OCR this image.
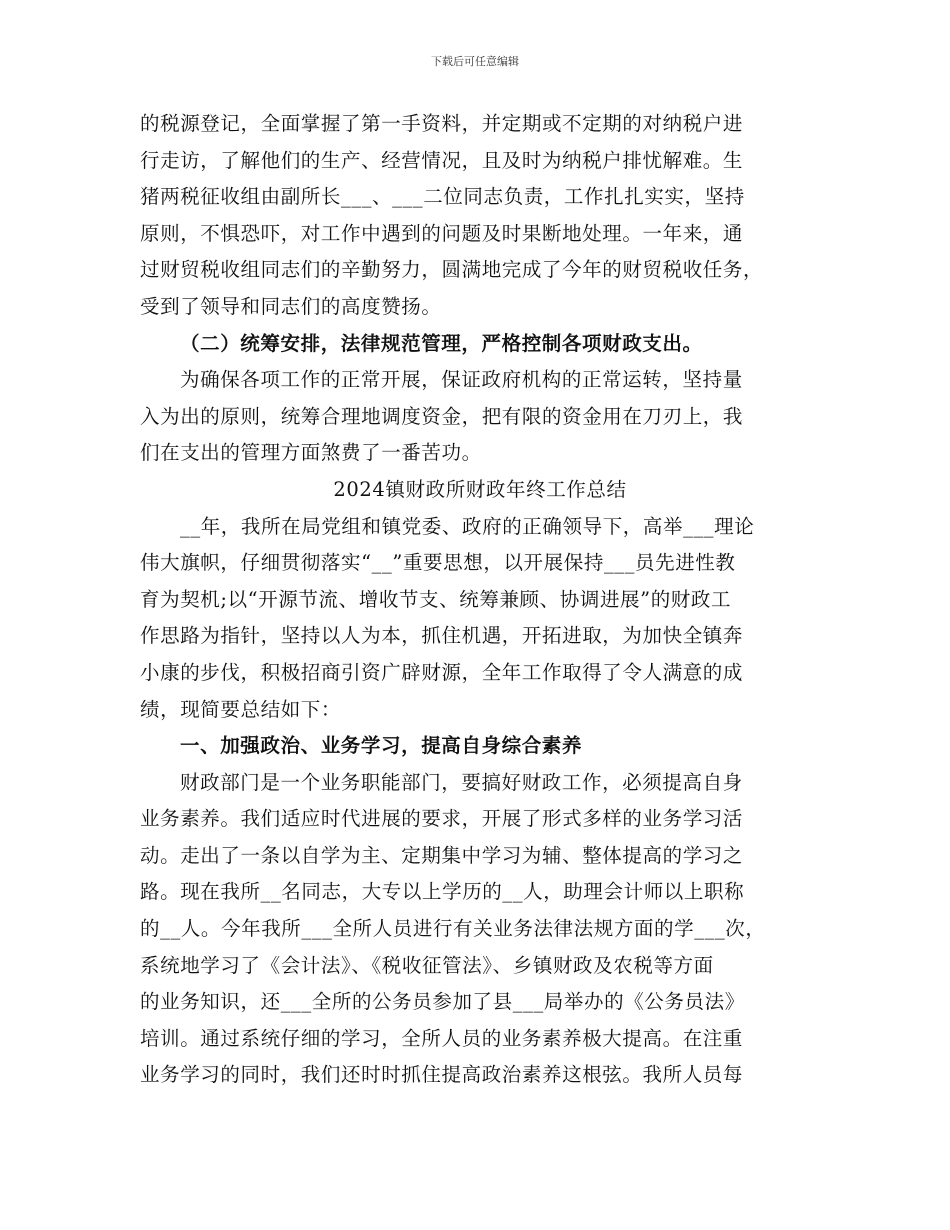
下载后可任意编辑
的税源登记，全面掌握了第一手资料，并定期或不定期的对纳税户进
行走访，了解他们的生产、经营情况，且及时为纳税户排忧解难。生
猪两税征收组由副所长___、___二位同志负责，工作扎扎实实，坚持
原则，不惧恐吓，对工作中遇到的问题及时果断地处理。一年来，通
过财贸税收组同志们的辛勤努力，圆满地完成了今年的财贸税收任务，
受到了领导和同志们的高度赞扬。
（二）统筹安排，法律规范管理，严格控制各项财政支出。
为确保各项工作的正常开展，保证政府机构的正常运转，坚持量
入为出的原则，统筹合理地调度资金，把有限的资金用在刀刃上，我
们在支出的管理方面煞费了一番苦功。
2024镇财政所财政年终工作总结
__年，我所在局党组和镇党委、政府的正确领导下，高举___理论
伟大旗帜，仔细贯彻落实“__”重要思想，以开展保持___员先进性教
育为契机;以“开源节流、增收节支、统筹兼顾、协调进展”的财政工
作思路为指针，坚持以人为本，抓住机遇，开拓进取，为加快全镇奔
小康的步伐，积极招商引资广辟财源，全年工作取得了令人满意的成
绩，现简要总结如下：
一、加强政治、业务学习，提高自身综合素养
财政部门是一个业务职能部门，要搞好财政工作，必须提高自身
业务素养。我们适应时代进展的要求，开展了形式多样的业务学习活
动。走出了一条以自学为主、定期集中学习为辅、整体提高的学习之
路。现在我所__名同志，大专以上学历的__人，助理会计师以上职称
的__人。今年我所___全所人员进行有关业务法律法规方面的学___次，
系统地学习了《会计法》、《税收征管法》、乡镇财政及农税等方面
的业务知识，还___全所的公务员参加了县___局举办的《公务员法》
培训。通过系统仔细的学习，全所人员的业务素养极大提高。在注重
业务学习的同时，我们还时时抓住提高政治素养这根弦。我所人员每
